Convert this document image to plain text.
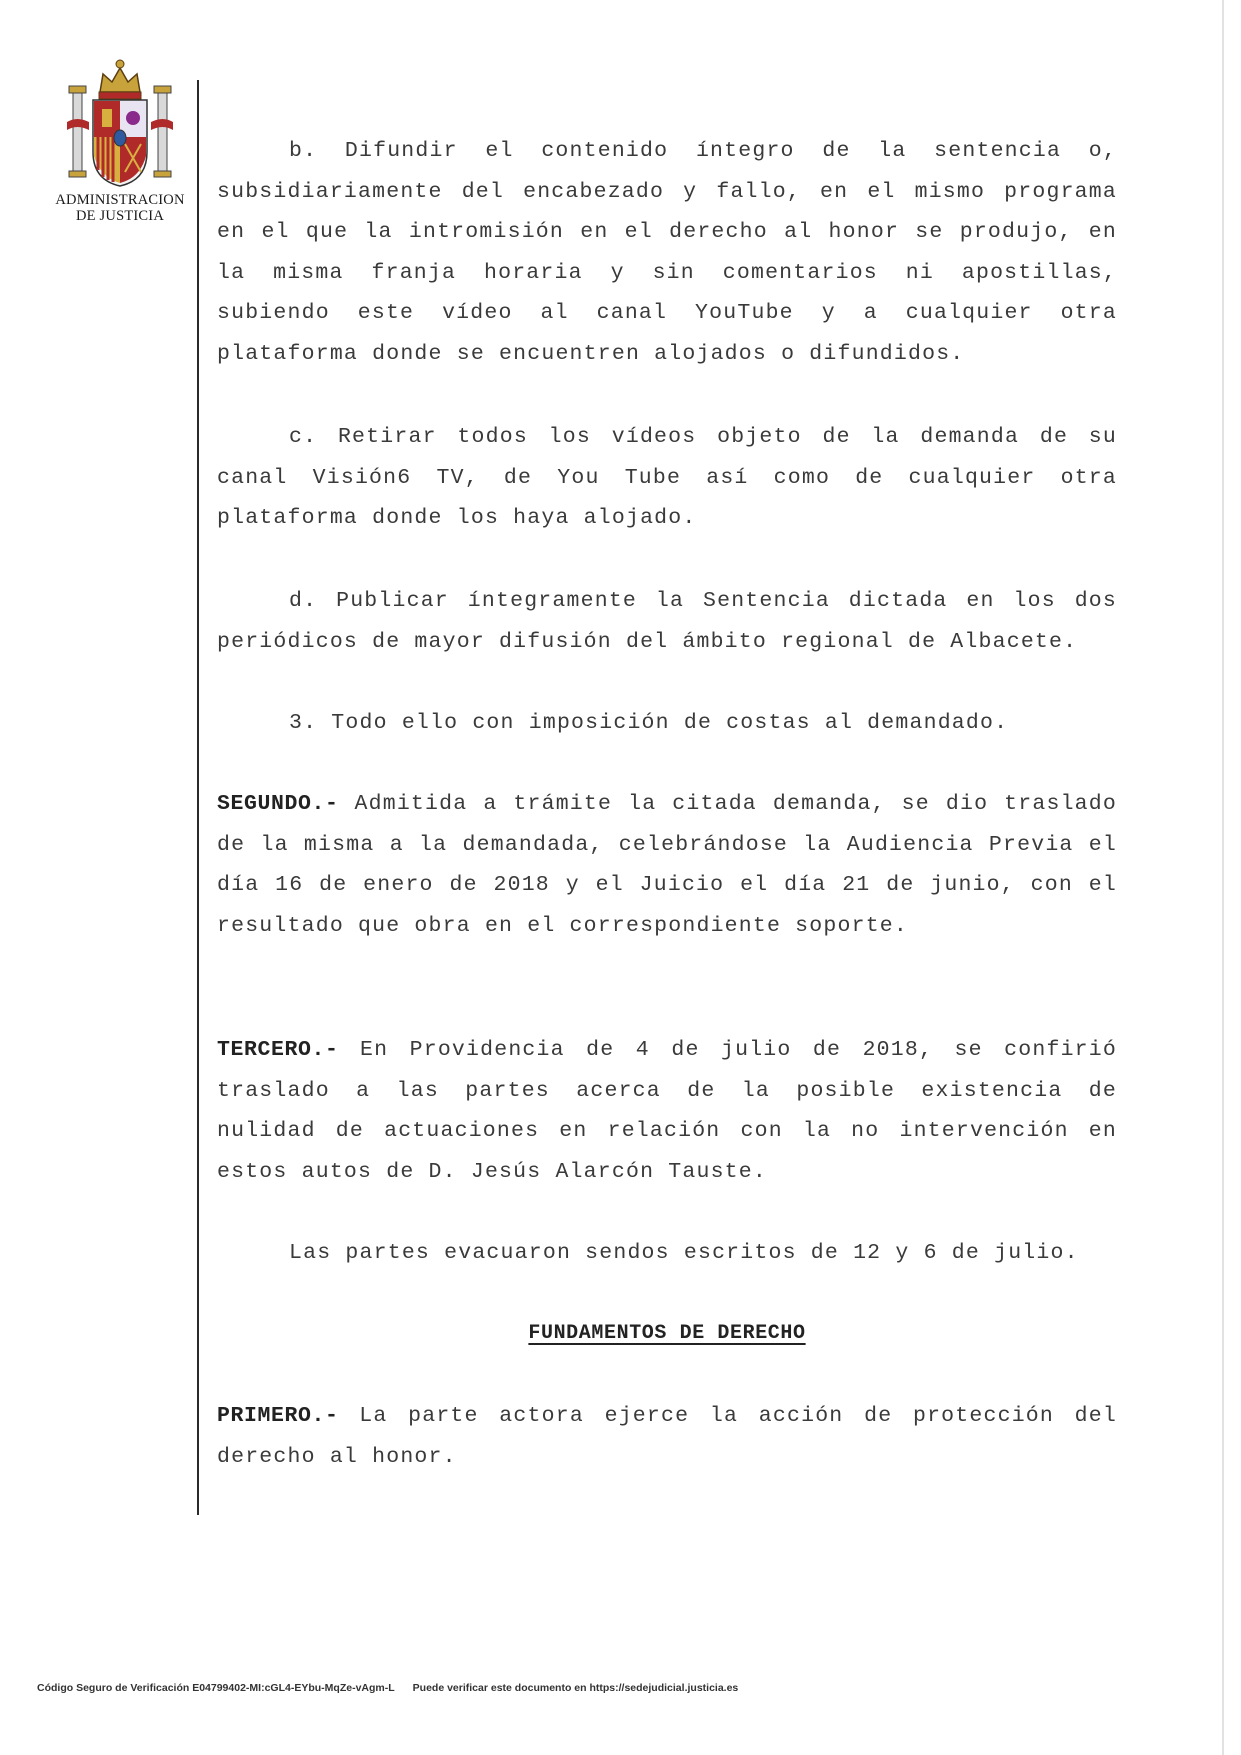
ADMINISTRACION
DE JUSTICIA

b. Difundir el contenido íntegro de la sentencia o, subsidiariamente del encabezado y fallo, en el mismo programa en el que la intromisión en el derecho al honor se produjo, en la misma franja horaria y sin comentarios ni apostillas, subiendo este vídeo al canal YouTube y a cualquier otra plataforma donde se encuentren alojados o difundidos.

c. Retirar todos los vídeos objeto de la demanda de su canal Visión6 TV, de You Tube así como de cualquier otra plataforma donde los haya alojado.

d. Publicar íntegramente la Sentencia dictada en los dos periódicos de mayor difusión del ámbito regional de Albacete.

3. Todo ello con imposición de costas al demandado.

SEGUNDO.- Admitida a trámite la citada demanda, se dio traslado de la misma a la demandada, celebrándose la Audiencia Previa el día 16 de enero de 2018 y el Juicio el día 21 de junio, con el resultado que obra en el correspondiente soporte.

TERCERO.- En Providencia de 4 de julio de 2018, se confirió traslado a las partes acerca de la posible existencia de nulidad de actuaciones en relación con la no intervención en estos autos de D. Jesús Alarcón Tauste.

Las partes evacuaron sendos escritos de 12 y 6 de julio.

FUNDAMENTOS DE DERECHO

PRIMERO.- La parte actora ejerce la acción de protección del derecho al honor.

Código Seguro de Verificación E04799402-MI:cGL4-EYbu-MqZe-vAgm-L Puede verificar este documento en https://sedejudicial.justicia.es
